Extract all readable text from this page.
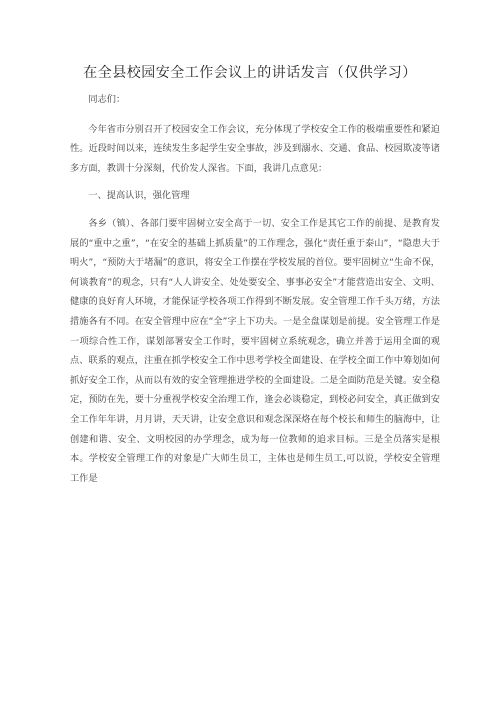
在全县校园安全工作会议上的讲话发言（仅供学习）

同志们：

今年省市分别召开了校园安全工作会议，充分体现了学校安全工作的极端重要性和紧迫性。近段时间以来，连续发生多起学生安全事故，涉及到溺水、交通、食品、校园欺凌等诸多方面，教训十分深刻，代价发人深省。下面，我讲几点意见：

一、提高认识，强化管理

各乡（镇）、各部门要牢固树立安全高于一切、安全工作是其它工作的前提、是教育发展的“重中之重”，“在安全的基础上抓质量”的工作理念，强化“责任重于泰山”，“隐患大于明火”，“预防大于堵漏”的意识，将安全工作摆在学校发展的首位。要牢固树立“生命不保，何谈教育”的观念，只有“人人讲安全、处处要安全、事事必安全”才能营造出安全、文明、健康的良好育人环境，才能保证学校各项工作得到不断发展。安全管理工作千头万绪，方法措施各有不同。在安全管理中应在“全”字上下功夫。一是全盘谋划是前提。安全管理工作是一项综合性工作，谋划部署安全工作时，要牢固树立系统观念，确立并善于运用全面的观点、联系的观点，注重在抓学校安全工作中思考学校全面建设、在学校全面工作中筹划如何抓好安全工作，从而以有效的安全管理推进学校的全面建设。二是全面防范是关键。安全稳定，预防在先，要十分重视学校安全治理工作，逢会必谈稳定，到校必问安全，真正做到安全工作年年讲，月月讲，天天讲，让安全意识和观念深深烙在每个校长和师生的脑海中，让创建和谐、安全、文明校园的办学理念，成为每一位教师的追求目标。三是全员落实是根本。学校安全管理工作的对象是广大师生员工，主体也是师生员工,可以说，学校安全管理工作是
